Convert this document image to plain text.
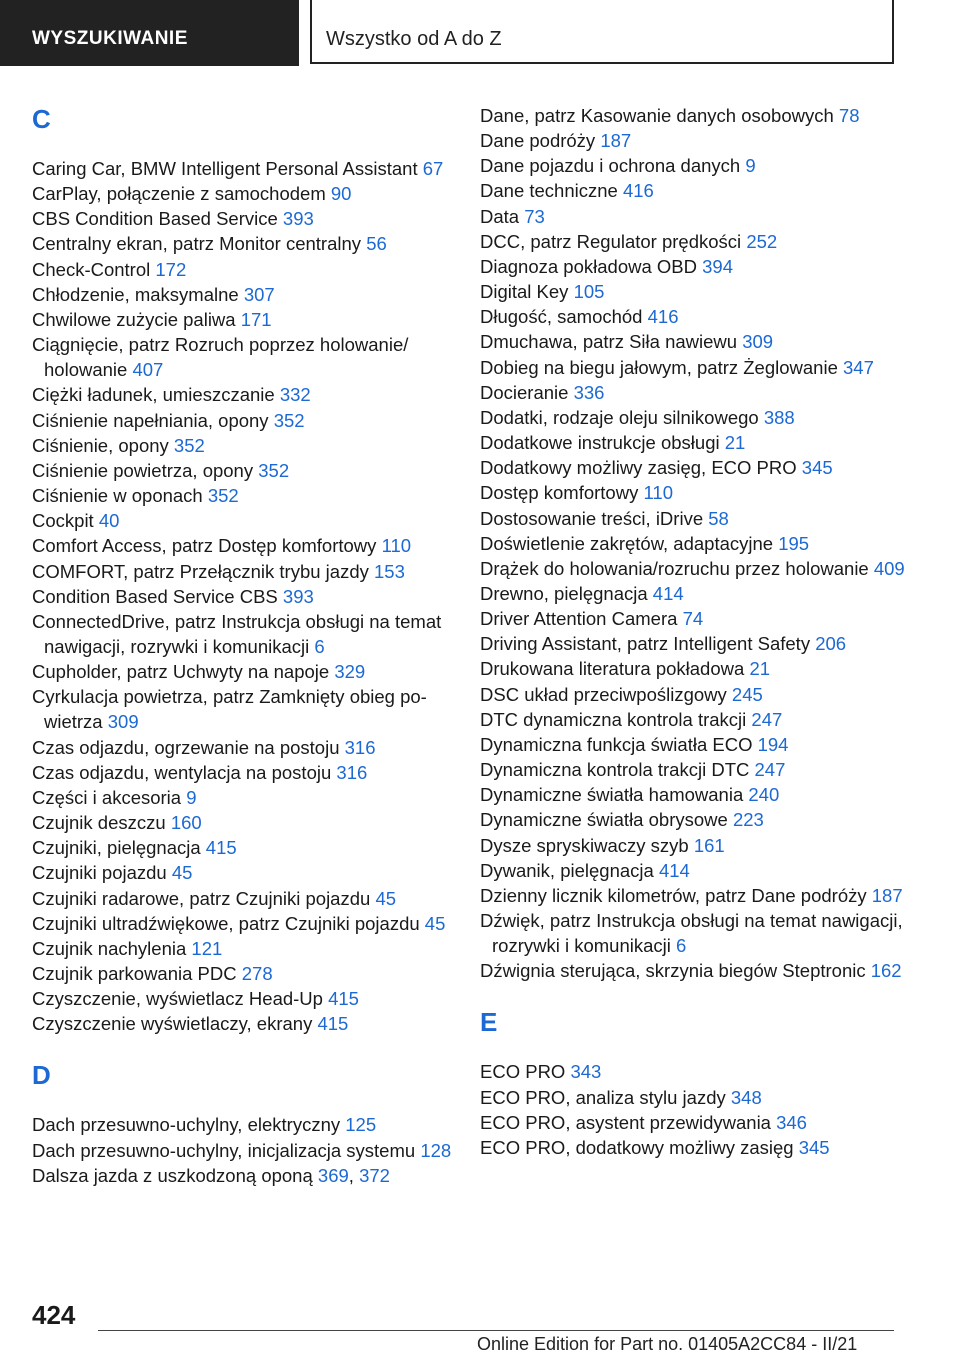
WYSZUKIWANIE	Wszystko od A do Z
C
Caring Car, BMW Intelligent Personal Assistant 67
CarPlay, połączenie z samochodem 90
CBS Condition Based Service 393
Centralny ekran, patrz Monitor centralny 56
Check-Control 172
Chłodzenie, maksymalne 307
Chwilowe zużycie paliwa 171
Ciągnięcie, patrz Rozruch poprzez holowanie/ holowanie 407
Ciężki ładunek, umieszczanie 332
Ciśnienie napełniania, opony 352
Ciśnienie, opony 352
Ciśnienie powietrza, opony 352
Ciśnienie w oponach 352
Cockpit 40
Comfort Access, patrz Dostęp komfortowy 110
COMFORT, patrz Przełącznik trybu jazdy 153
Condition Based Service CBS 393
ConnectedDrive, patrz Instrukcja obsługi na temat nawigacji, rozrywki i komunikacji 6
Cupholder, patrz Uchwyty na napoje 329
Cyrkulacja powietrza, patrz Zamknięty obieg powietrza 309
Czas odjazdu, ogrzewanie na postoju 316
Czas odjazdu, wentylacja na postoju 316
Części i akcesoria 9
Czujnik deszczu 160
Czujniki, pielęgnacja 415
Czujniki pojazdu 45
Czujniki radarowe, patrz Czujniki pojazdu 45
Czujniki ultradźwiękowe, patrz Czujniki pojazdu 45
Czujnik nachylenia 121
Czujnik parkowania PDC 278
Czyszczenie, wyświetlacz Head-Up 415
Czyszczenie wyświetlaczy, ekrany 415
D
Dach przesuwno-uchylny, elektryczny 125
Dach przesuwno-uchylny, inicjalizacja systemu 128
Dalsza jazda z uszkodzoną oponą 369, 372
Dane, patrz Kasowanie danych osobowych 78
Dane podróży 187
Dane pojazdu i ochrona danych 9
Dane techniczne 416
Data 73
DCC, patrz Regulator prędkości 252
Diagnoza pokładowa OBD 394
Digital Key 105
Długość, samochód 416
Dmuchawa, patrz Siła nawiewu 309
Dobieg na biegu jałowym, patrz Żeglowanie 347
Docieranie 336
Dodatki, rodzaje oleju silnikowego 388
Dodatkowe instrukcje obsługi 21
Dodatkowy możliwy zasięg, ECO PRO 345
Dostęp komfortowy 110
Dostosowanie treści, iDrive 58
Doświetlenie zakrętów, adaptacyjne 195
Drążek do holowania/rozruchu przez holowanie 409
Drewno, pielęgnacja 414
Driver Attention Camera 74
Driving Assistant, patrz Intelligent Safety 206
Drukowana literatura pokładowa 21
DSC układ przeciwpoślizgowy 245
DTC dynamiczna kontrola trakcji 247
Dynamiczna funkcja światła ECO 194
Dynamiczna kontrola trakcji DTC 247
Dynamiczne światła hamowania 240
Dynamiczne światła obrysowe 223
Dysze spryskiwaczy szyb 161
Dywanik, pielęgnacja 414
Dzienny licznik kilometrów, patrz Dane podróży 187
Dźwięk, patrz Instrukcja obsługi na temat nawigacji, rozrywki i komunikacji 6
Dźwignia sterująca, skrzynia biegów Steptronic 162
E
ECO PRO 343
ECO PRO, analiza stylu jazdy 348
ECO PRO, asystent przewidywania 346
ECO PRO, dodatkowy możliwy zasięg 345
424
Online Edition for Part no. 01405A2CC84 - II/21
